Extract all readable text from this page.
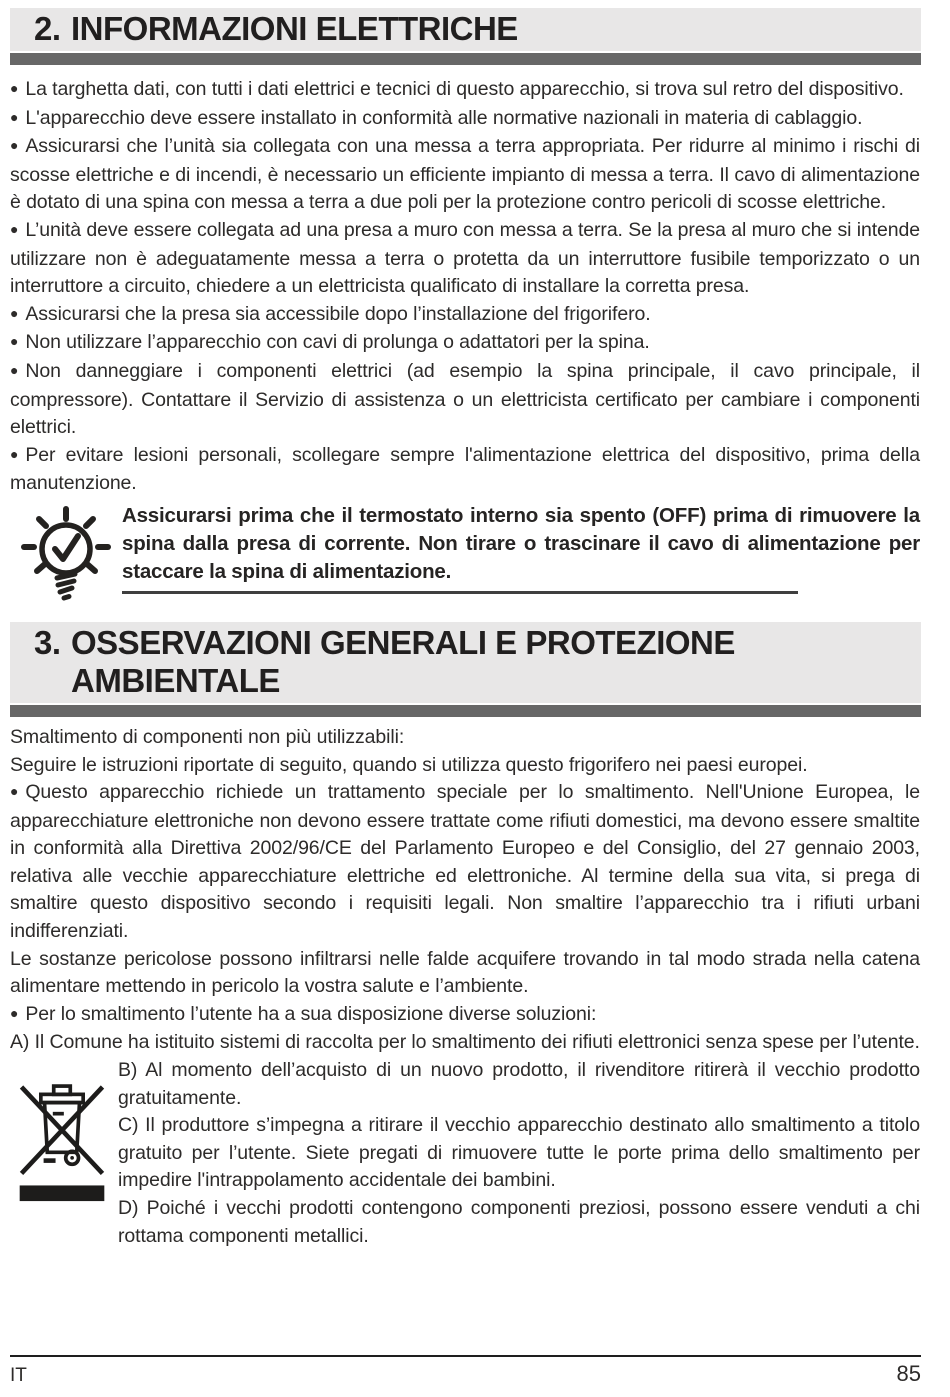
2. INFORMAZIONI ELETTRICHE

● La targhetta dati, con tutti i dati elettrici e tecnici di questo apparecchio, si trova sul retro del dispositivo.

● L'apparecchio deve essere installato in conformità alle normative nazionali in materia di cablaggio.

● Assicurarsi che l’unità sia collegata con una messa a terra appropriata. Per ridurre al minimo i rischi di scosse elettriche e di incendi, è necessario un efficiente impianto di messa a terra. Il cavo di alimentazione è dotato di una spina con messa a terra a due poli per la protezione contro pericoli di scosse elettriche.

● L’unità deve essere collegata ad una presa a muro con messa a terra. Se la presa al muro che si intende utilizzare non è adeguatamente messa a terra o protetta da un interruttore fusibile temporizzato o un interruttore a circuito, chiedere a un elettricista qualificato di installare la corretta presa.

● Assicurarsi che la presa sia accessibile dopo l’installazione del frigorifero.

● Non utilizzare l’apparecchio con cavi di prolunga o adattatori per la spina.

● Non danneggiare i componenti elettrici (ad esempio la spina principale, il cavo principale, il compressore). Contattare il Servizio di assistenza o un elettricista certificato per cambiare i componenti elettrici.

● Per evitare lesioni personali, scollegare sempre l'alimentazione elettrica del dispositivo, prima della manutenzione.

Assicurarsi prima che il termostato interno sia spento (OFF) prima di rimuovere la spina dalla presa di corrente. Non tirare o trascinare il cavo di alimentazione per staccare la spina di alimentazione.
3. OSSERVAZIONI GENERALI E PROTEZIONE AMBIENTALE

Smaltimento di componenti non più utilizzabili:

Seguire le istruzioni riportate di seguito, quando si utilizza questo frigorifero nei paesi europei.

● Questo apparecchio richiede un trattamento speciale per lo smaltimento. Nell'Unione Europea, le apparecchiature elettroniche non devono essere trattate come rifiuti domestici, ma devono essere smaltite in conformità alla Direttiva 2002/96/CE del Parlamento Europeo e del Consiglio, del 27 gennaio 2003, relativa alle vecchie apparecchiature elettriche ed elettroniche. Al termine della sua vita, si prega di smaltire questo dispositivo secondo i requisiti legali. Non smaltire l’apparecchio tra i rifiuti urbani indifferenziati.

Le sostanze pericolose possono infiltrarsi nelle falde acquifere trovando in tal modo strada nella catena alimentare mettendo in pericolo la vostra salute e l’ambiente.

● Per lo smaltimento l’utente ha a sua disposizione diverse soluzioni:

A) Il Comune ha istituito sistemi di raccolta per lo smaltimento dei rifiuti elettronici senza spese per l’utente.

B) Al momento dell’acquisto di un nuovo prodotto, il rivenditore ritirerà il vecchio prodotto gratuitamente.

C) Il produttore s’impegna a ritirare il vecchio apparecchio destinato allo smaltimento a titolo gratuito per l’utente. Siete pregati di rimuovere tutte le porte prima dello smaltimento per impedire l'intrappolamento accidentale dei bambini.

D) Poiché i vecchi prodotti contengono componenti preziosi, possono essere venduti a chi rottama componenti metallici.

IT	85
